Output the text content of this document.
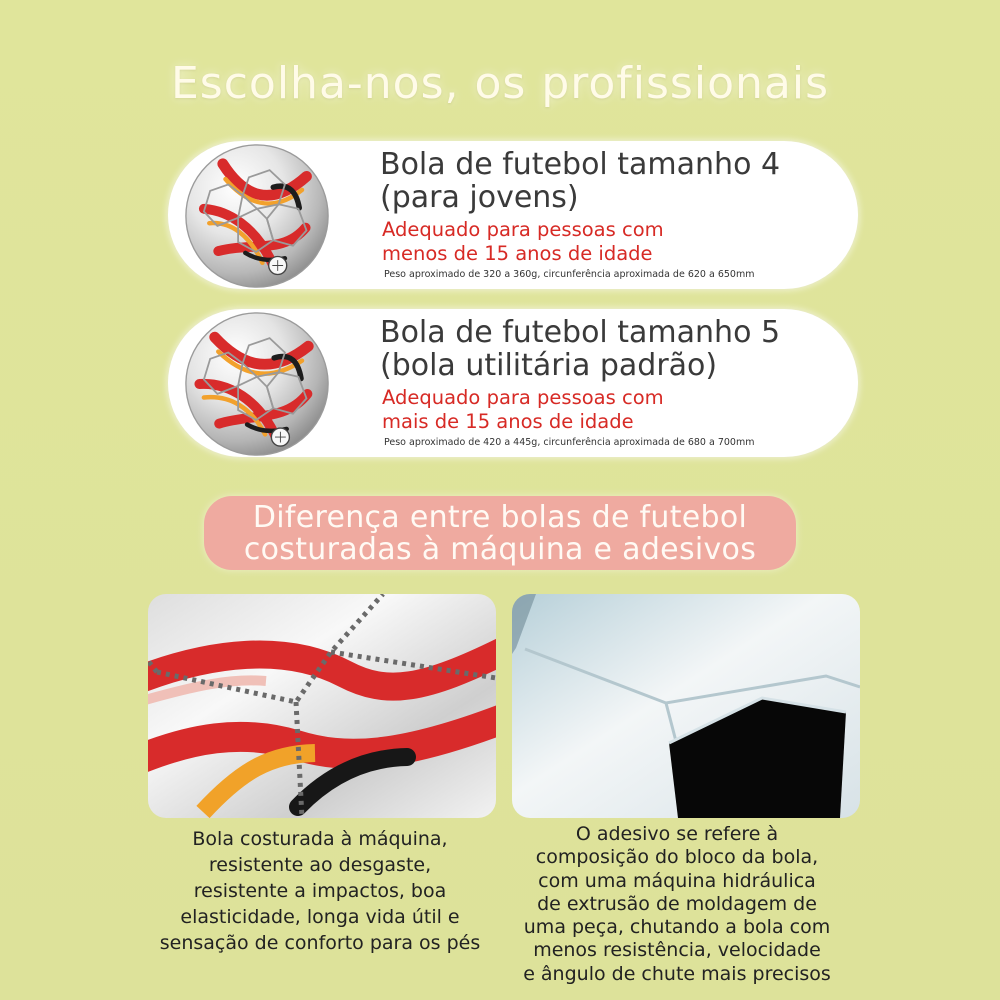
Escolha-nos, os profissionais
Bola de futebol tamanho 4
(para jovens)
Adequado para pessoas com
menos de 15 anos de idade
Peso aproximado de 320 a 360g, circunferência aproximada de 620 a 650mm
Bola de futebol tamanho 5
(bola utilitária padrão)
Adequado para pessoas com
mais de 15 anos de idade
Peso aproximado de 420 a 445g, circunferência aproximada de 680 a 700mm
Diferença entre bolas de futebol
costuradas à máquina e adesivos
Bola costurada à máquina,
resistente ao desgaste,
resistente a impactos, boa
elasticidade, longa vida útil e
sensação de conforto para os pés
O adesivo se refere à
composição do bloco da bola,
com uma máquina hidráulica
de extrusão de moldagem de
uma peça, chutando a bola com
menos resistência, velocidade
e ângulo de chute mais precisos
